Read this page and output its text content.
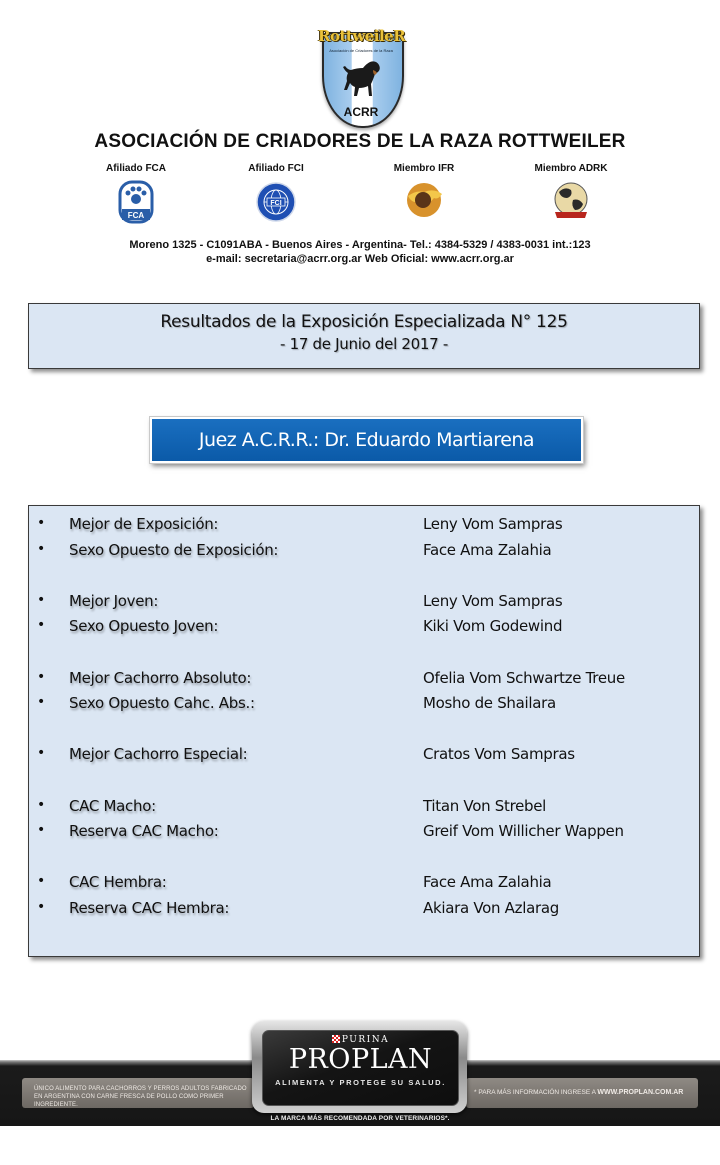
RottweileR
Asociación de Criadores de la Raza
ACRR
ASOCIACIÓN DE CRIADORES DE LA RAZA ROTTWEILER
Afiliado FCA
FCA
Afiliado FCI
FCI
Miembro IFR	Miembro ADRK
Moreno 1325 - C1091ABA - Buenos Aires - Argentina- Tel.: 4384-5329 / 4383-0031 int.:123
e-mail: secretaria@acrr.org.ar Web Oficial: www.acrr.org.ar
Resultados de la Exposición Especializada N° 125
- 17 de Junio del 2017 -
Juez A.C.R.R.: Dr. Eduardo Martiarena
• Mejor de Exposición:	Leny Vom Sampras
• Sexo Opuesto de Exposición:	Face Ama Zalahia
• Mejor Joven:	Leny Vom Sampras
• Sexo Opuesto Joven:	Kiki Vom Godewind
• Mejor Cachorro Absoluto:	Ofelia Vom Schwartze Treue
• Sexo Opuesto Cahc. Abs.:	Mosho de Shailara
• Mejor Cachorro Especial:	Cratos Vom Sampras
• CAC Macho:	Titan Von Strebel
• Reserva CAC Macho:	Greif Vom Willicher Wappen
• CAC Hembra:	Face Ama Zalahia
• Reserva CAC Hembra:	Akiara Von Azlarag
ÚNICO ALIMENTO PARA CACHORROS Y PERROS ADULTOS FABRICADO EN ARGENTINA CON CARNE FRESCA DE POLLO COMO PRIMER INGREDIENTE.
* PARA MÁS INFORMACIÓN INGRESE A WWW.PROPLAN.COM.AR
PURINA
PROPLAN
ALIMENTA Y PROTEGE SU SALUD.
LA MARCA MÁS RECOMENDADA POR VETERINARIOS*.
